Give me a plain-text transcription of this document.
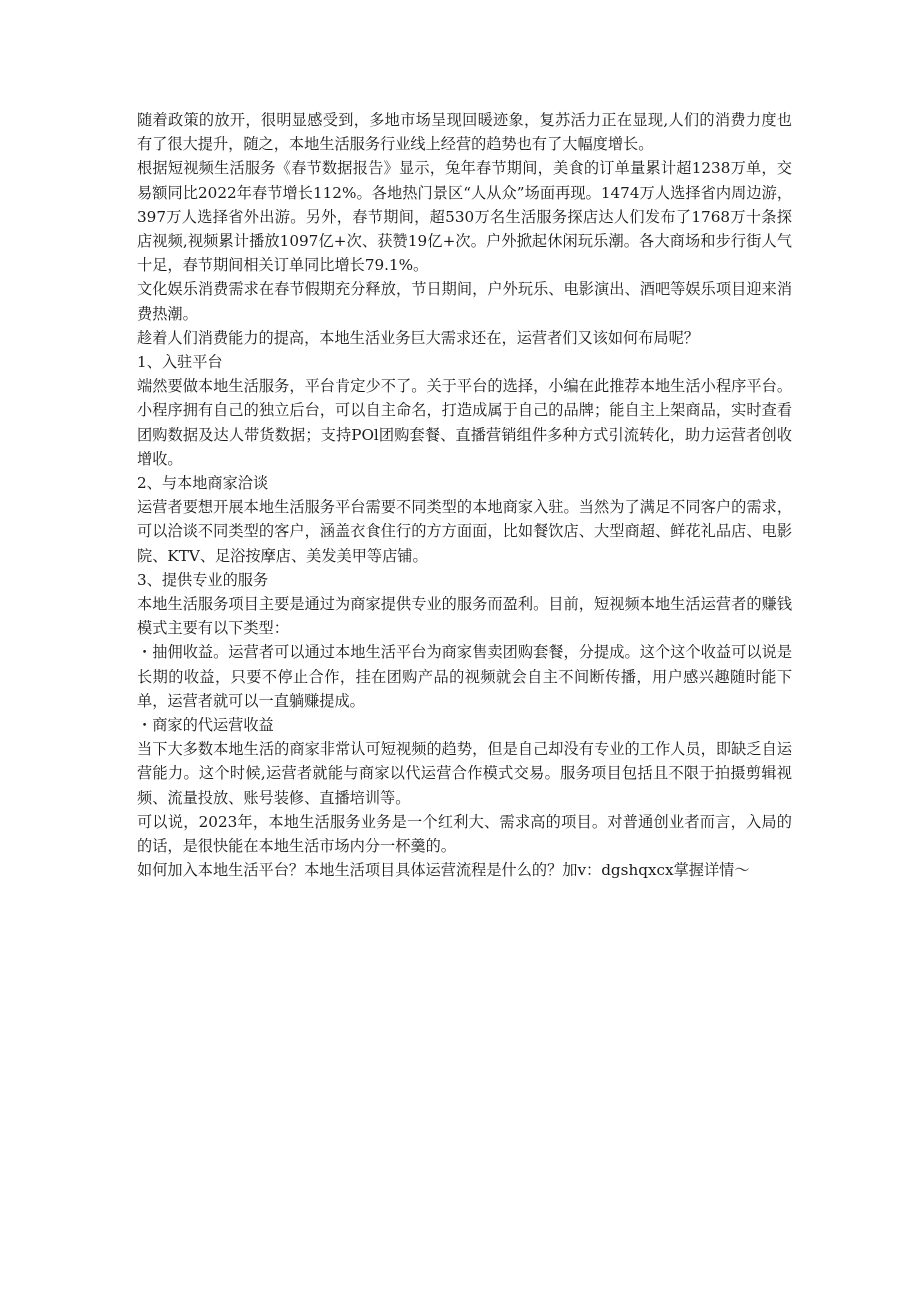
随着政策的放开，很明显感受到，多地市场呈现回暖迹象，复苏活力正在显现,人们的消费力度也有了很大提升，随之，本地生活服务行业线上经营的趋势也有了大幅度增长。

根据短视频生活服务《春节数据报告》显示，兔年春节期间，美食的订单量累计超1238万单，交易额同比2022年春节增长112%。各地热门景区“人从众”场面再现。1474万人选择省内周边游，397万人选择省外出游。另外，春节期间，超530万名生活服务探店达人们发布了1768万十条探店视频,视频累计播放1097亿+次、获赞19亿+次。户外掀起休闲玩乐潮。各大商场和步行街人气十足，春节期间相关订单同比增长79.1%。

文化娱乐消费需求在春节假期充分释放，节日期间，户外玩乐、电影演出、酒吧等娱乐项目迎来消费热潮。

趁着人们消费能力的提高，本地生活业务巨大需求还在，运营者们又该如何布局呢？

1、入驻平台

端然要做本地生活服务，平台肯定少不了。关于平台的选择，小编在此推荐本地生活小程序平台。小程序拥有自己的独立后台，可以自主命名，打造成属于自己的品牌；能自主上架商品，实时查看团购数据及达人带货数据；支持POl团购套餐、直播营销组件多种方式引流转化，助力运营者创收增收。

2、与本地商家洽谈

运营者要想开展本地生活服务平台需要不同类型的本地商家入驻。当然为了满足不同客户的需求，可以洽谈不同类型的客户，涵盖衣食住行的方方面面，比如餐饮店、大型商超、鲜花礼品店、电影院、KTV、足浴按摩店、美发美甲等店铺。

3、提供专业的服务

本地生活服务项目主要是通过为商家提供专业的服务而盈利。目前，短视频本地生活运营者的赚钱模式主要有以下类型：

・抽佣收益。运营者可以通过本地生活平台为商家售卖团购套餐，分提成。这个这个收益可以说是长期的收益，只要不停止合作，挂在团购产品的视频就会自主不间断传播，用户感兴趣随时能下单，运营者就可以一直躺赚提成。

・商家的代运营收益

当下大多数本地生活的商家非常认可短视频的趋势，但是自己却没有专业的工作人员，即缺乏自运营能力。这个时候,运营者就能与商家以代运营合作模式交易。服务项目包括且不限于拍摄剪辑视频、流量投放、账号装修、直播培训等。

可以说，2023年，本地生活服务业务是一个红利大、需求高的项目。对普通创业者而言，入局的的话，是很快能在本地生活市场内分一杯羹的。

如何加入本地生活平台？本地生活项目具体运营流程是什么的？加v：dgshqxcx掌握详情～
